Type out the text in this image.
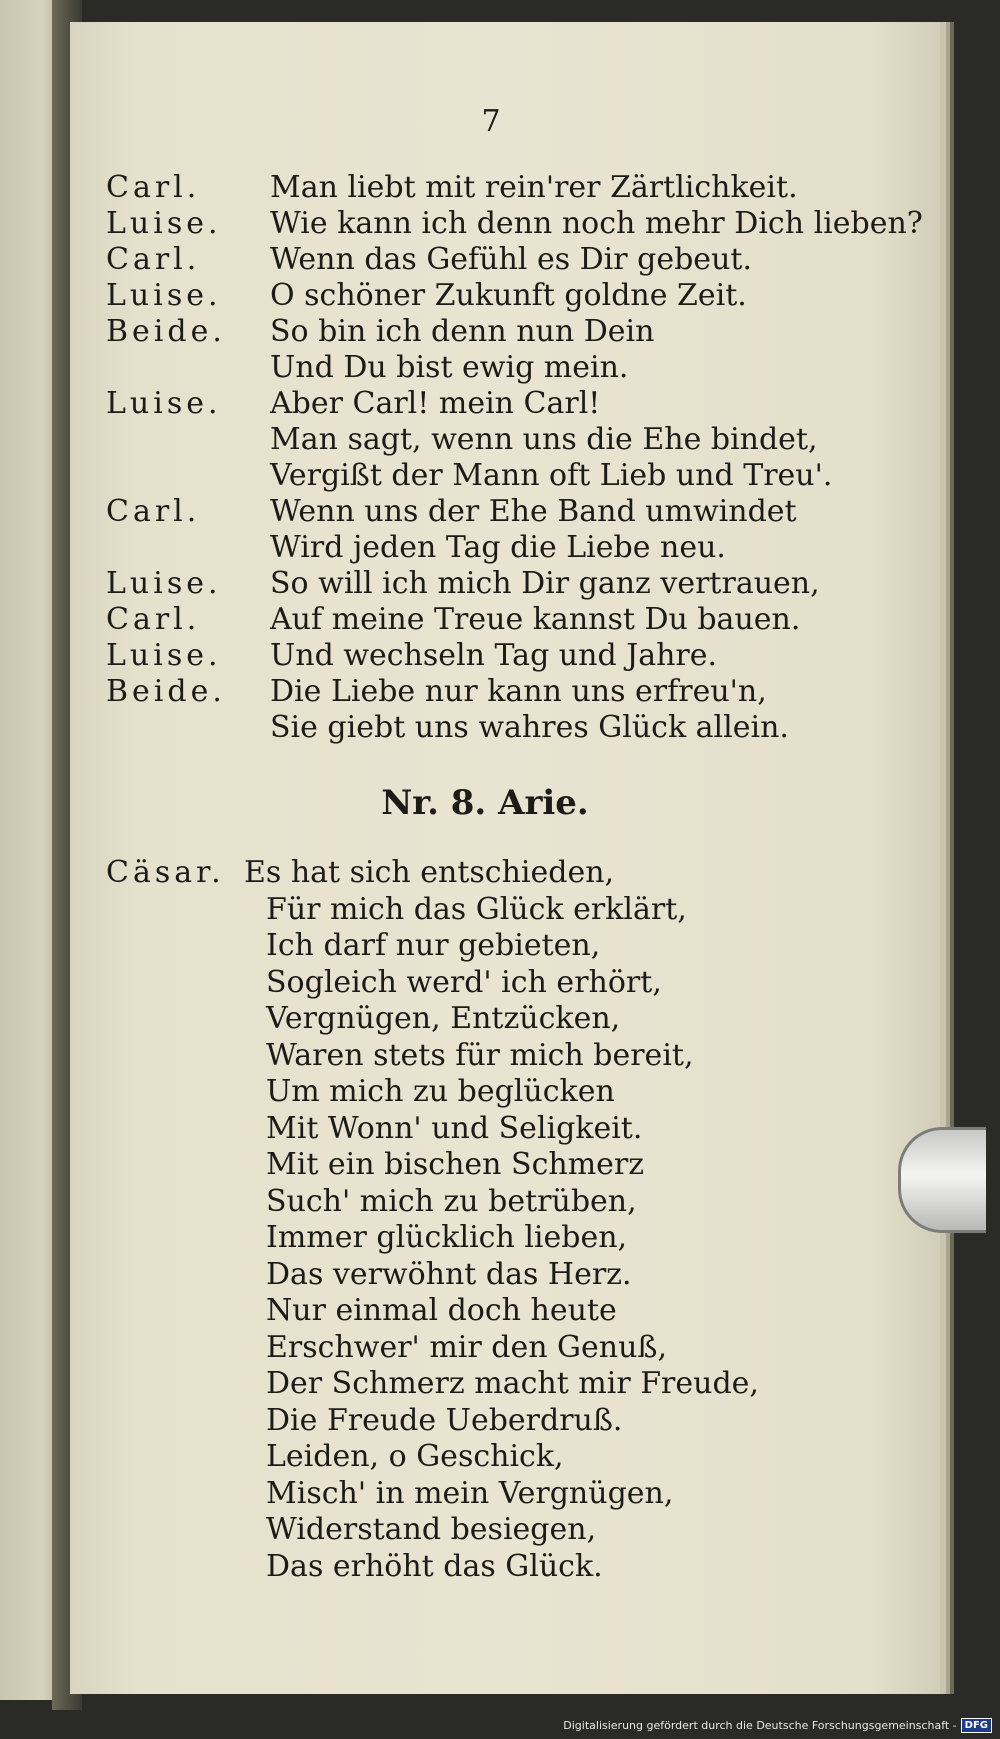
7
Carl. Man liebt mit rein'rer Zärtlichkeit.
Luise. Wie kann ich denn noch mehr Dich lieben?
Carl. Wenn das Gefühl es Dir gebeut.
Luise. O schöner Zukunft goldne Zeit.
Beide. So bin ich denn nun Dein
Und Du bist ewig mein.
Luise. Aber Carl! mein Carl!
Man sagt, wenn uns die Ehe bindet,
Vergißt der Mann oft Lieb und Treu'.
Carl. Wenn uns der Ehe Band umwindet
Wird jeden Tag die Liebe neu.
Luise. So will ich mich Dir ganz vertrauen,
Carl. Auf meine Treue kannst Du bauen.
Luise. Und wechseln Tag und Jahre.
Beide. Die Liebe nur kann uns erfreu'n,
Sie giebt uns wahres Glück allein.
Nr. 8. Arie.
Cäsar. Es hat sich entschieden,
Für mich das Glück erklärt,
Ich darf nur gebieten,
Sogleich werd' ich erhört,
Vergnügen, Entzücken,
Waren stets für mich bereit,
Um mich zu beglücken
Mit Wonn' und Seligkeit.
Mit ein bischen Schmerz
Such' mich zu betrüben,
Immer glücklich lieben,
Das verwöhnt das Herz.
Nur einmal doch heute
Erschwer' mir den Genuß,
Der Schmerz macht mir Freude,
Die Freude Ueberdruß.
Leiden, o Geschick,
Misch' in mein Vergnügen,
Widerstand besiegen,
Das erhöht das Glück.
Digitalisierung gefördert durch die Deutsche Forschungsgemeinschaft - DFG
